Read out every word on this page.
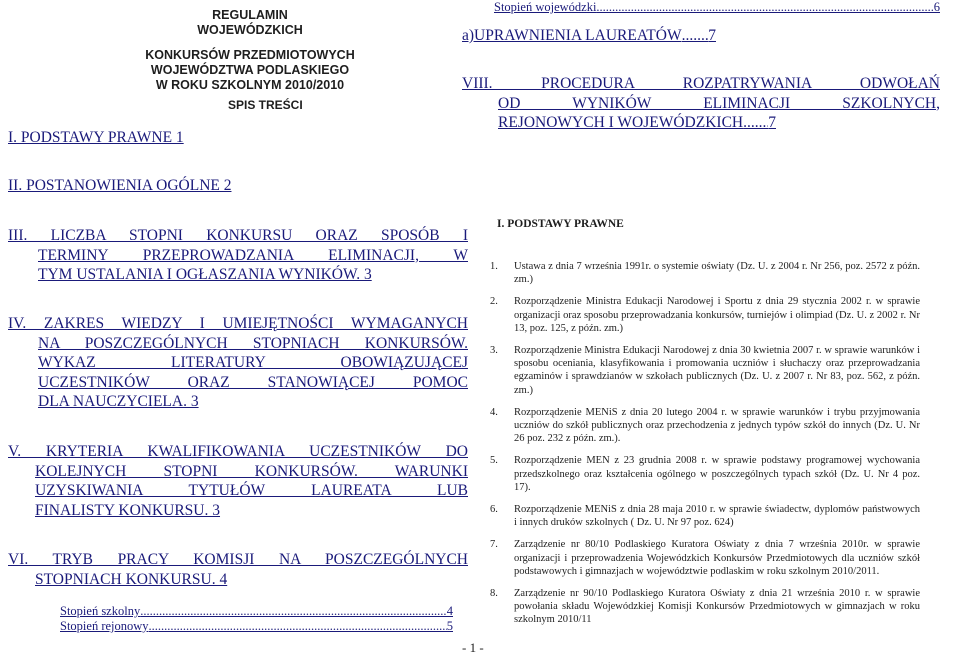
REGULAMIN
WOJEWÓDZKICH
KONKURSÓW PRZEDMIOTOWYCH
WOJEWÓDZTWA PODLASKIEGO
W ROKU SZKOLNYM 2010/2010
SPIS TREŚCI
I. PODSTAWY PRAWNE 1
II. POSTANOWIENIA OGÓLNE 2
III. LICZBA STOPNI KONKURSU ORAZ SPOSÓB I
TERMINY PRZEPROWADZANIA ELIMINACJI, W
TYM USTALANIA I OGŁASZANIA WYNIKÓW. 3
IV. ZAKRES WIEDZY I UMIEJĘTNOŚCI WYMAGANYCH
NA POSZCZEGÓLNYCH STOPNIACH KONKURSÓW.
WYKAZ LITERATURY OBOWIĄZUJĄCEJ
UCZESTNIKÓW ORAZ STANOWIĄCEJ POMOC
DLA NAUCZYCIELA. 3
V. KRYTERIA KWALIFIKOWANIA UCZESTNIKÓW DO
KOLEJNYCH STOPNI KONKURSÓW. WARUNKI
UZYSKIWANIA TYTUŁÓW LAUREATA LUB
FINALISTY KONKURSU. 3
VI. TRYB PRACY KOMISJI NA POSZCZEGÓLNYCH
STOPNIACH KONKURSU. 4
Stopień szkolny .....	4
Stopień rejonowy .....	5
Stopień wojewódzki .....	6
a)UPRAWNIENIA LAUREATÓW ..... 7
VIII. PROCEDURA ROZPATRYWANIA ODWOŁAŃ
OD WYNIKÓW ELIMINACJI SZKOLNYCH,
REJONOWYCH I WOJEWÓDZKICH ..... 7
I. PODSTAWY PRAWNE
1.	Ustawa z dnia 7 września 1991r. o systemie oświaty (Dz. U. z 2004 r. Nr 256, poz. 2572 z późn. zm.)
2.	Rozporządzenie Ministra Edukacji Narodowej i Sportu z dnia 29 stycznia 2002 r. w sprawie organizacji oraz sposobu przeprowadzania konkursów, turniejów i olimpiad (Dz. U. z 2002 r. Nr 13, poz. 125, z późn. zm.)
3.	Rozporządzenie Ministra Edukacji Narodowej z dnia 30 kwietnia 2007 r. w sprawie warunków i sposobu oceniania, klasyfikowania i promowania uczniów i słuchaczy oraz przeprowadzania egzaminów i sprawdzianów w szkołach publicznych (Dz. U. z 2007 r. Nr 83, poz. 562, z późn. zm.)
4.	Rozporządzenie MENiS z dnia 20 lutego 2004 r. w sprawie warunków i trybu przyjmowania uczniów do szkół publicznych oraz przechodzenia z jednych typów szkół do innych (Dz. U. Nr 26 poz. 232 z późn. zm.).
5.	Rozporządzenie MEN z 23 grudnia 2008 r. w sprawie podstawy programowej wychowania przedszkolnego oraz kształcenia ogólnego w poszczególnych typach szkół (Dz. U. Nr 4 poz. 17).
6.	Rozporządzenie MENiS z dnia 28 maja 2010 r. w sprawie świadectw, dyplomów państwowych i innych druków szkolnych ( Dz. U. Nr 97 poz. 624)
7.	Zarządzenie nr 80/10 Podlaskiego Kuratora Oświaty z dnia 7 września 2010r. w sprawie organizacji i przeprowadzenia Wojewódzkich Konkursów Przedmiotowych dla uczniów szkół podstawowych i gimnazjach w województwie podlaskim w roku szkolnym 2010/2011.
8.	Zarządzenie nr 90/10 Podlaskiego Kuratora Oświaty z dnia 21 września 2010 r. w sprawie powołania składu Wojewódzkiej Komisji Konkursów Przedmiotowych w gimnazjach w roku szkolnym 2010/11
- 1 -
